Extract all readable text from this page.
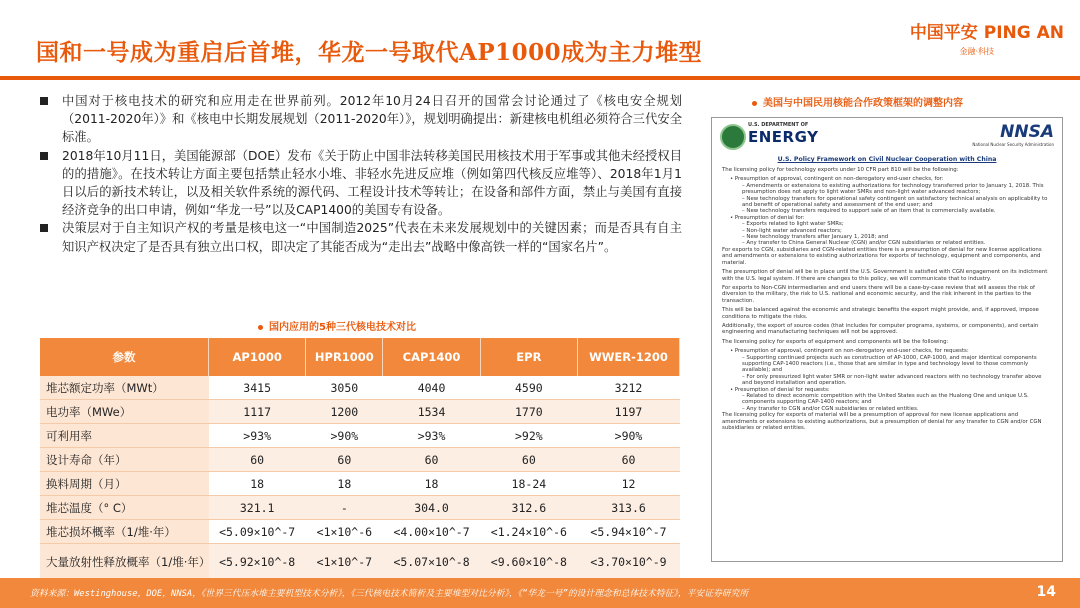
国和一号成为重启后首堆，华龙一号取代AP1000成为主力堆型
中国平安 PING AN
金融·科技
中国对于核电技术的研究和应用走在世界前列。2012年10月24日召开的国常会讨论通过了《核电安全规划（2011-2020年）》和《核电中长期发展规划（2011-2020年）》，规划明确提出：新建核电机组必须符合三代安全标准。
2018年10月11日，美国能源部（DOE）发布《关于防止中国非法转移美国民用核技术用于军事或其他未经授权目的的措施》。在技术转让方面主要包括禁止轻水小堆、非轻水先进反应堆（例如第四代核反应堆等）、2018年1月1日以后的新技术转让，以及相关软件系统的源代码、工程设计技术等转让；在设备和部件方面，禁止与美国有直接经济竞争的出口申请，例如“华龙一号”以及CAP1400的美国专有设备。
决策层对于自主知识产权的考量是核电这一“中国制造2025”代表在未来发展规划中的关键因素；而是否具有自主知识产权决定了是否具有独立出口权，即决定了其能否成为“走出去”战略中像高铁一样的“国家名片”。
国内应用的5种三代核电技术对比
参数	AP1000	HPR1000	CAP1400	EPR	WWER-1200
堆芯额定功率（MWt）	3415	3050	4040	4590	3212
电功率（MWe）	1117	1200	1534	1770	1197
可利用率	>93%	>90%	>93%	>92%	>90%
设计寿命（年）	60	60	60	60	60
换料周期（月）	18	18	18	18-24	12
堆芯温度（° C）	321.1	-	304.0	312.6	313.6
堆芯损坏概率（1/堆·年）	<5.09×10^-7	<1×10^-6	<4.00×10^-7	<1.24×10^-6	<5.94×10^-7
大量放射性释放概率（1/堆·年）	<5.92×10^-8	<1×10^-7	<5.07×10^-8	<9.60×10^-8	<3.70×10^-9
美国与中国民用核能合作政策框架的调整内容
U.S. DEPARTMENT OF
ENERGY	NNSA
National Nuclear Security Administration
U.S. Policy Framework on Civil Nuclear Cooperation with China
The licensing policy for technology exports under 10 CFR part 810 will be the following:
• Presumption of approval, contingent on non-derogatory end-user checks, for:
– Amendments or extensions to existing authorizations for technology transferred prior to January 1, 2018. This presumption does not apply to light water SMRs and non-light water advanced reactors;
– New technology transfers for operational safety contingent on satisfactory technical analysis on applicability to and benefit of operational safety and assessment of the end user; and
– New technology transfers required to support sale of an item that is commercially available.
• Presumption of denial for:
– Exports related to light water SMRs;
– Non-light water advanced reactors;
– New technology transfers after January 1, 2018; and
– Any transfer to China General Nuclear (CGN) and/or CGN subsidiaries or related entities.
For exports to CGN, subsidiaries and CGN-related entities there is a presumption of denial for new license applications and amendments or extensions to existing authorizations for exports of technology, equipment and components, and material.
The presumption of denial will be in place until the U.S. Government is satisfied with CGN engagement on its indictment with the U.S. legal system. If there are changes to this policy, we will communicate that to industry.
For exports to Non-CGN intermediaries and end users there will be a case-by-case review that will assess the risk of diversion to the military, the risk to U.S. national and economic security, and the risk inherent in the parties to the transaction.
This will be balanced against the economic and strategic benefits the export might provide, and, if approved, impose conditions to mitigate the risks.
Additionally, the export of source codes (that includes for computer programs, systems, or components), and certain engineering and manufacturing techniques will not be approved.
The licensing policy for exports of equipment and components will be the following:
• Presumption of approval, contingent on non-derogatory end-user checks, for requests:
– Supporting continued projects such as construction of AP-1000, CAP-1000, and major identical components supporting CAP-1400 reactors (i.e., those that are similar in type and technology level to those commonly available); and
– For only pressurized light water SMR or non-light water advanced reactors with no technology transfer above and beyond installation and operation.
• Presumption of denial for requests:
– Related to direct economic competition with the United States such as the Hualong One and unique U.S. components supporting CAP-1400 reactors; and
– Any transfer to CGN and/or CGN subsidiaries or related entities.
The licensing policy for exports of material will be a presumption of approval for new license applications and amendments or extensions to existing authorizations, but a presumption of denial for any transfer to CGN and/or CGN subsidiaries or related entities.
资料来源：Westinghouse，DOE，NNSA，《世界三代压水堆主要机型技术分析》，《三代核电技术简析及主要堆型对比分析》，《“华龙一号”的设计理念和总体技术特征》，平安证券研究所	14
